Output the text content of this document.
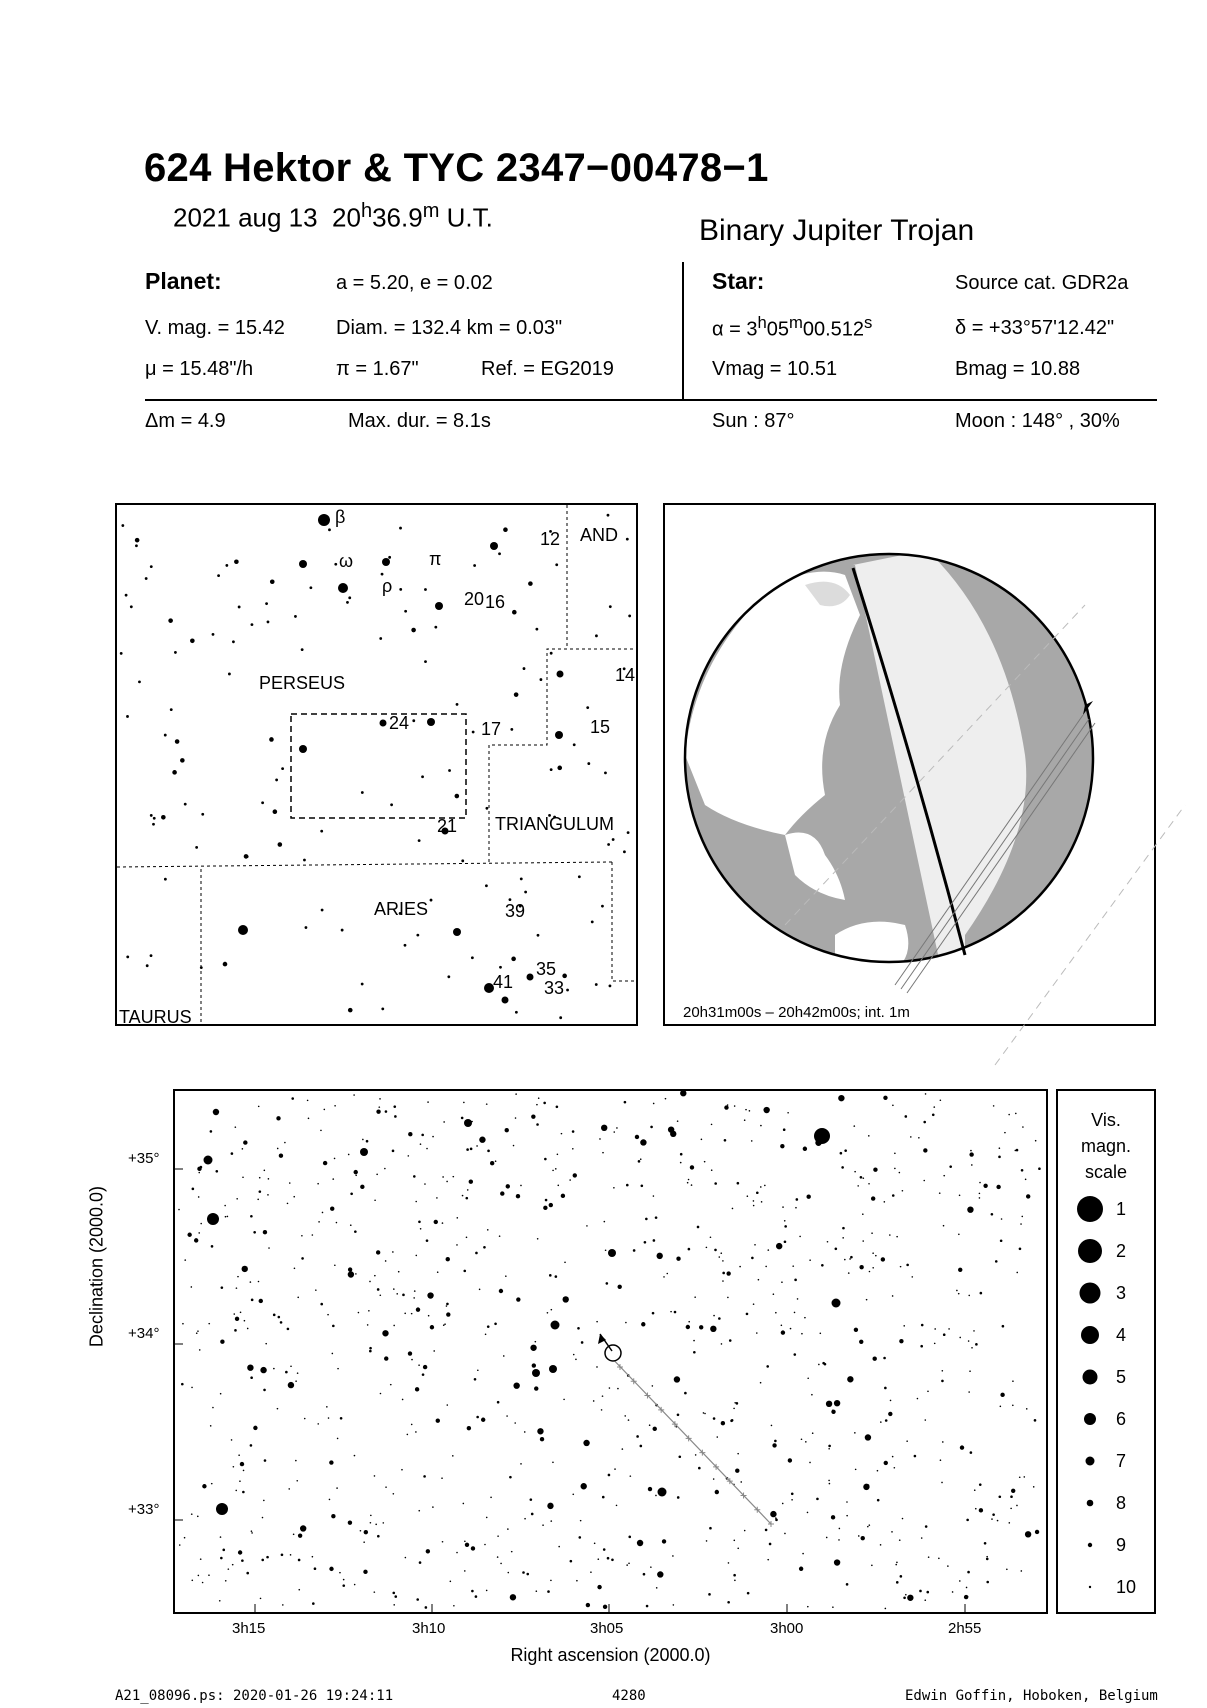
624 Hektor & TYC 2347−00478−1
2021 aug 13 20$^h$36.9$^m$ U.T.	Binary Jupiter Trojan
Planet:	a = 5.20, e = 0.02
V. mag. = 15.42	Diam. = 132.4 km = 0.03"
μ = 15.48"/h	π = 1.67"	Ref. = EG2019
Star:	Source cat. GDR2a
$\alpha = 3^h05^m00.512^s$	δ = +33°57'12.42"
Vmag = 10.51	Bmag = 10.88
Δm = 4.9	Max. dur. = 8.1s	Sun : 87°	Moon : 148° , 30%
PERSEUS
TRIANGULUM
ARIES
TAURUS
AND
β
ω
ρ
π
12
20 16
14
24	17	15
21
39
35
41 33
20h31m00s – 20h42m00s; int. 1m
Declination (2000.0)
+35°
+34°
+33°
3h15	3h10	3h05	3h00	2h55
Right ascension (2000.0)
Vis.
magn.
scale
1
2
3
4
5
6
7
8
9
10
A21_08096.ps: 2020-01-26 19:24:11	4280	Edwin Goffin, Hoboken, Belgium
